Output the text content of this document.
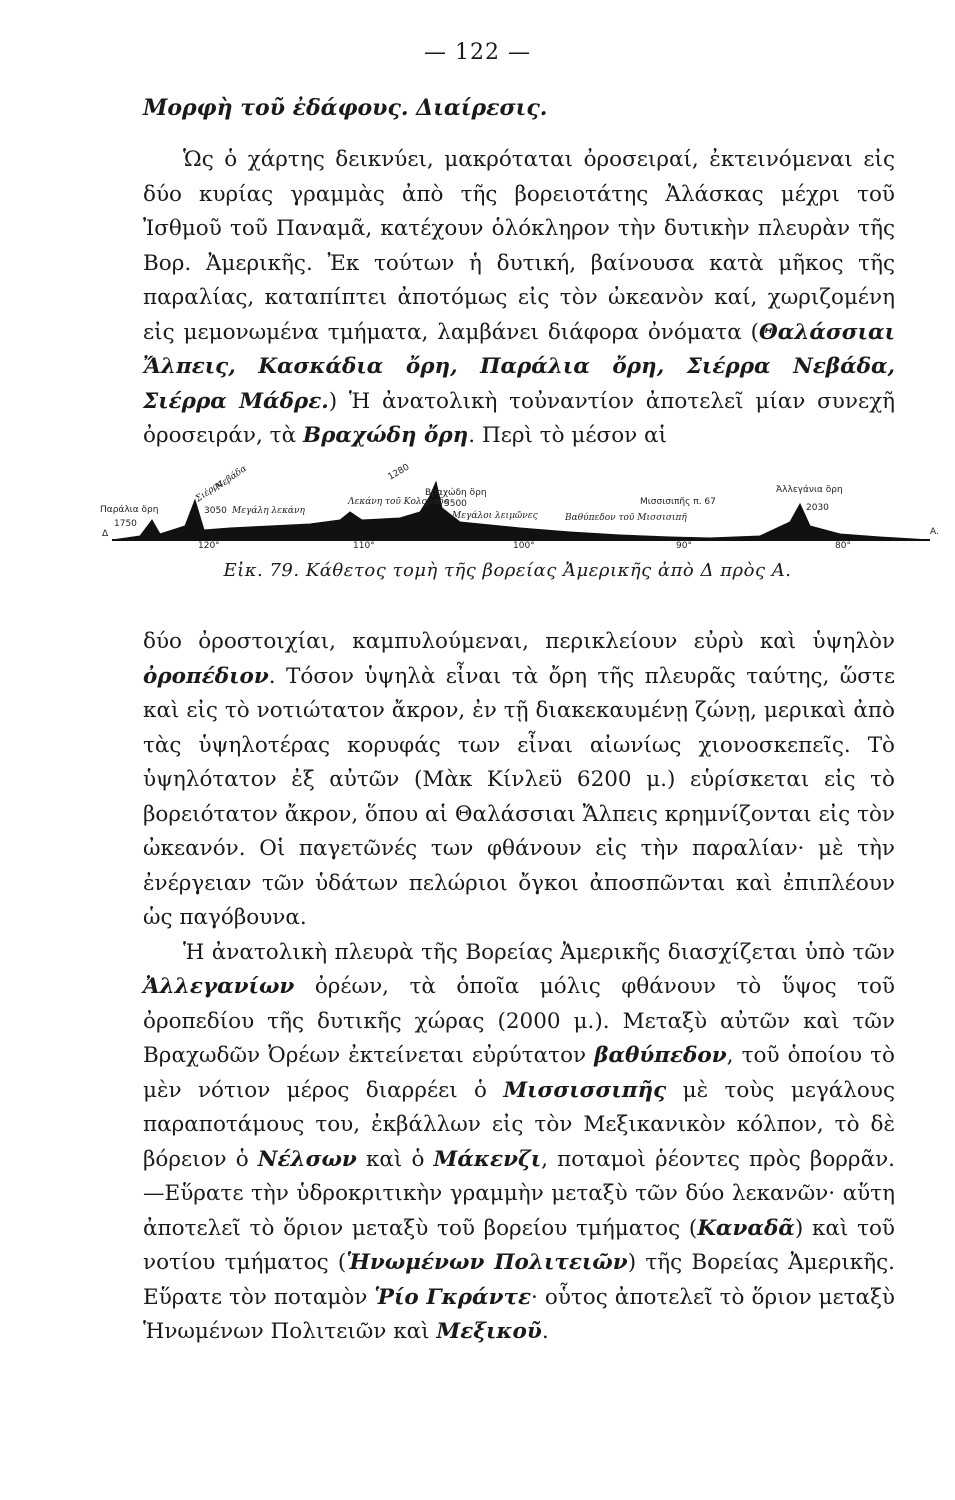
— 122 —
Μορφὴ τοῦ ἐδάφους. Διαίρεσις.

Ὡς ὁ χάρτης δεικνύει, μακρόταται ὀροσειραί, ἐκτεινόμεναι εἰς δύο κυρίας γραμμὰς ἀπὸ τῆς βορειοτάτης Ἀλάσκας μέχρι τοῦ Ἰσθμοῦ τοῦ Παναμᾶ, κατέχουν ὁλόκληρον τὴν δυτικὴν πλευρὰν τῆς Βορ. Ἀμερικῆς. Ἐκ τούτων ἡ δυτική, βαίνουσα κατὰ μῆκος τῆς παραλίας, καταπίπτει ἀποτόμως εἰς τὸν ὠκεανὸν καί, χωριζομένη εἰς μεμονωμένα τμήματα, λαμβάνει διάφορα ὀνόματα (Θαλάσσιαι Ἄλπεις, Κασκάδια ὄρη, Παράλια ὄρη, Σιέρρα Νεβάδα, Σιέρρα Μάδρε.) Ἡ ἀνατολικὴ τοὐναντίον ἀποτελεῖ μίαν συνεχῆ ὀροσειράν, τὰ Βραχώδη ὄρη. Περὶ τὸ μέσον αἱ

Παράλια ὄρη
1750
Σιέρρα
Νεβάδα
3050 Μεγάλη λεκάνη
Λεκάνη τοῦ Κολοράδο
1280
Βραχώδη ὄρη
5500
Μεγάλοι λειμῶνες
Μισσισιπῆς π. 67
Βαθύπεδον τοῦ Μισσισιπῆ
Ἀλλεγάνια ὄρη
2030
Δ	Α.
120°	110°	100°	90°	80°
Εἰκ. 79. Κάθετος τομὴ τῆς βορείας Ἀμερικῆς ἀπὸ Δ πρὸς Α.

δύο ὀροστοιχίαι, καμπυλούμεναι, περικλείουν εὐρὺ καὶ ὑψηλὸν ὀροπέδιον. Τόσον ὑψηλὰ εἶναι τὰ ὄρη τῆς πλευρᾶς ταύτης, ὥστε καὶ εἰς τὸ νοτιώτατον ἄκρον, ἐν τῇ διακεκαυμένῃ ζώνῃ, μερικαὶ ἀπὸ τὰς ὑψηλοτέρας κορυφάς των εἶναι αἰωνίως χιονοσκεπεῖς. Τὸ ὑψηλότατον ἐξ αὐτῶν (Μὰκ Κίνλεϋ 6200 μ.) εὑρίσκεται εἰς τὸ βορειότατον ἄκρον, ὅπου αἱ Θαλάσσιαι Ἄλπεις κρημνίζονται εἰς τὸν ὠκεανόν. Οἱ παγετῶνές των φθάνουν εἰς τὴν παραλίαν· μὲ τὴν ἐνέργειαν τῶν ὑδάτων πελώριοι ὄγκοι ἀποσπῶνται καὶ ἐπιπλέουν ὡς παγόβουνα.

Ἡ ἀνατολικὴ πλευρὰ τῆς Βορείας Ἀμερικῆς διασχίζεται ὑπὸ τῶν Ἀλλεγανίων ὀρέων, τὰ ὁποῖα μόλις φθάνουν τὸ ὕψος τοῦ ὀροπεδίου τῆς δυτικῆς χώρας (2000 μ.). Μεταξὺ αὐτῶν καὶ τῶν Βραχωδῶν Ὀρέων ἐκτείνεται εὐρύτατον βαθύπεδον, τοῦ ὁποίου τὸ μὲν νότιον μέρος διαρρέει ὁ Μισσισσιπῆς μὲ τοὺς μεγάλους παραποτάμους του, ἐκβάλλων εἰς τὸν Μεξικανικὸν κόλπον, τὸ δὲ βόρειον ὁ Νέλσων καὶ ὁ Μάκενζι, ποταμοὶ ῥέοντες πρὸς βορρᾶν.—Εὕρατε τὴν ὑδροκριτικὴν γραμμὴν μεταξὺ τῶν δύο λεκανῶν· αὕτη ἀποτελεῖ τὸ ὅριον μεταξὺ τοῦ βορείου τμήματος (Καναδᾶ) καὶ τοῦ νοτίου τμήματος (Ἡνωμένων Πολιτειῶν) τῆς Βορείας Ἀμερικῆς. Εὕρατε τὸν ποταμὸν Ῥίο Γκράντε· οὗτος ἀποτελεῖ τὸ ὅριον μεταξὺ Ἡνωμένων Πολιτειῶν καὶ Μεξικοῦ.
